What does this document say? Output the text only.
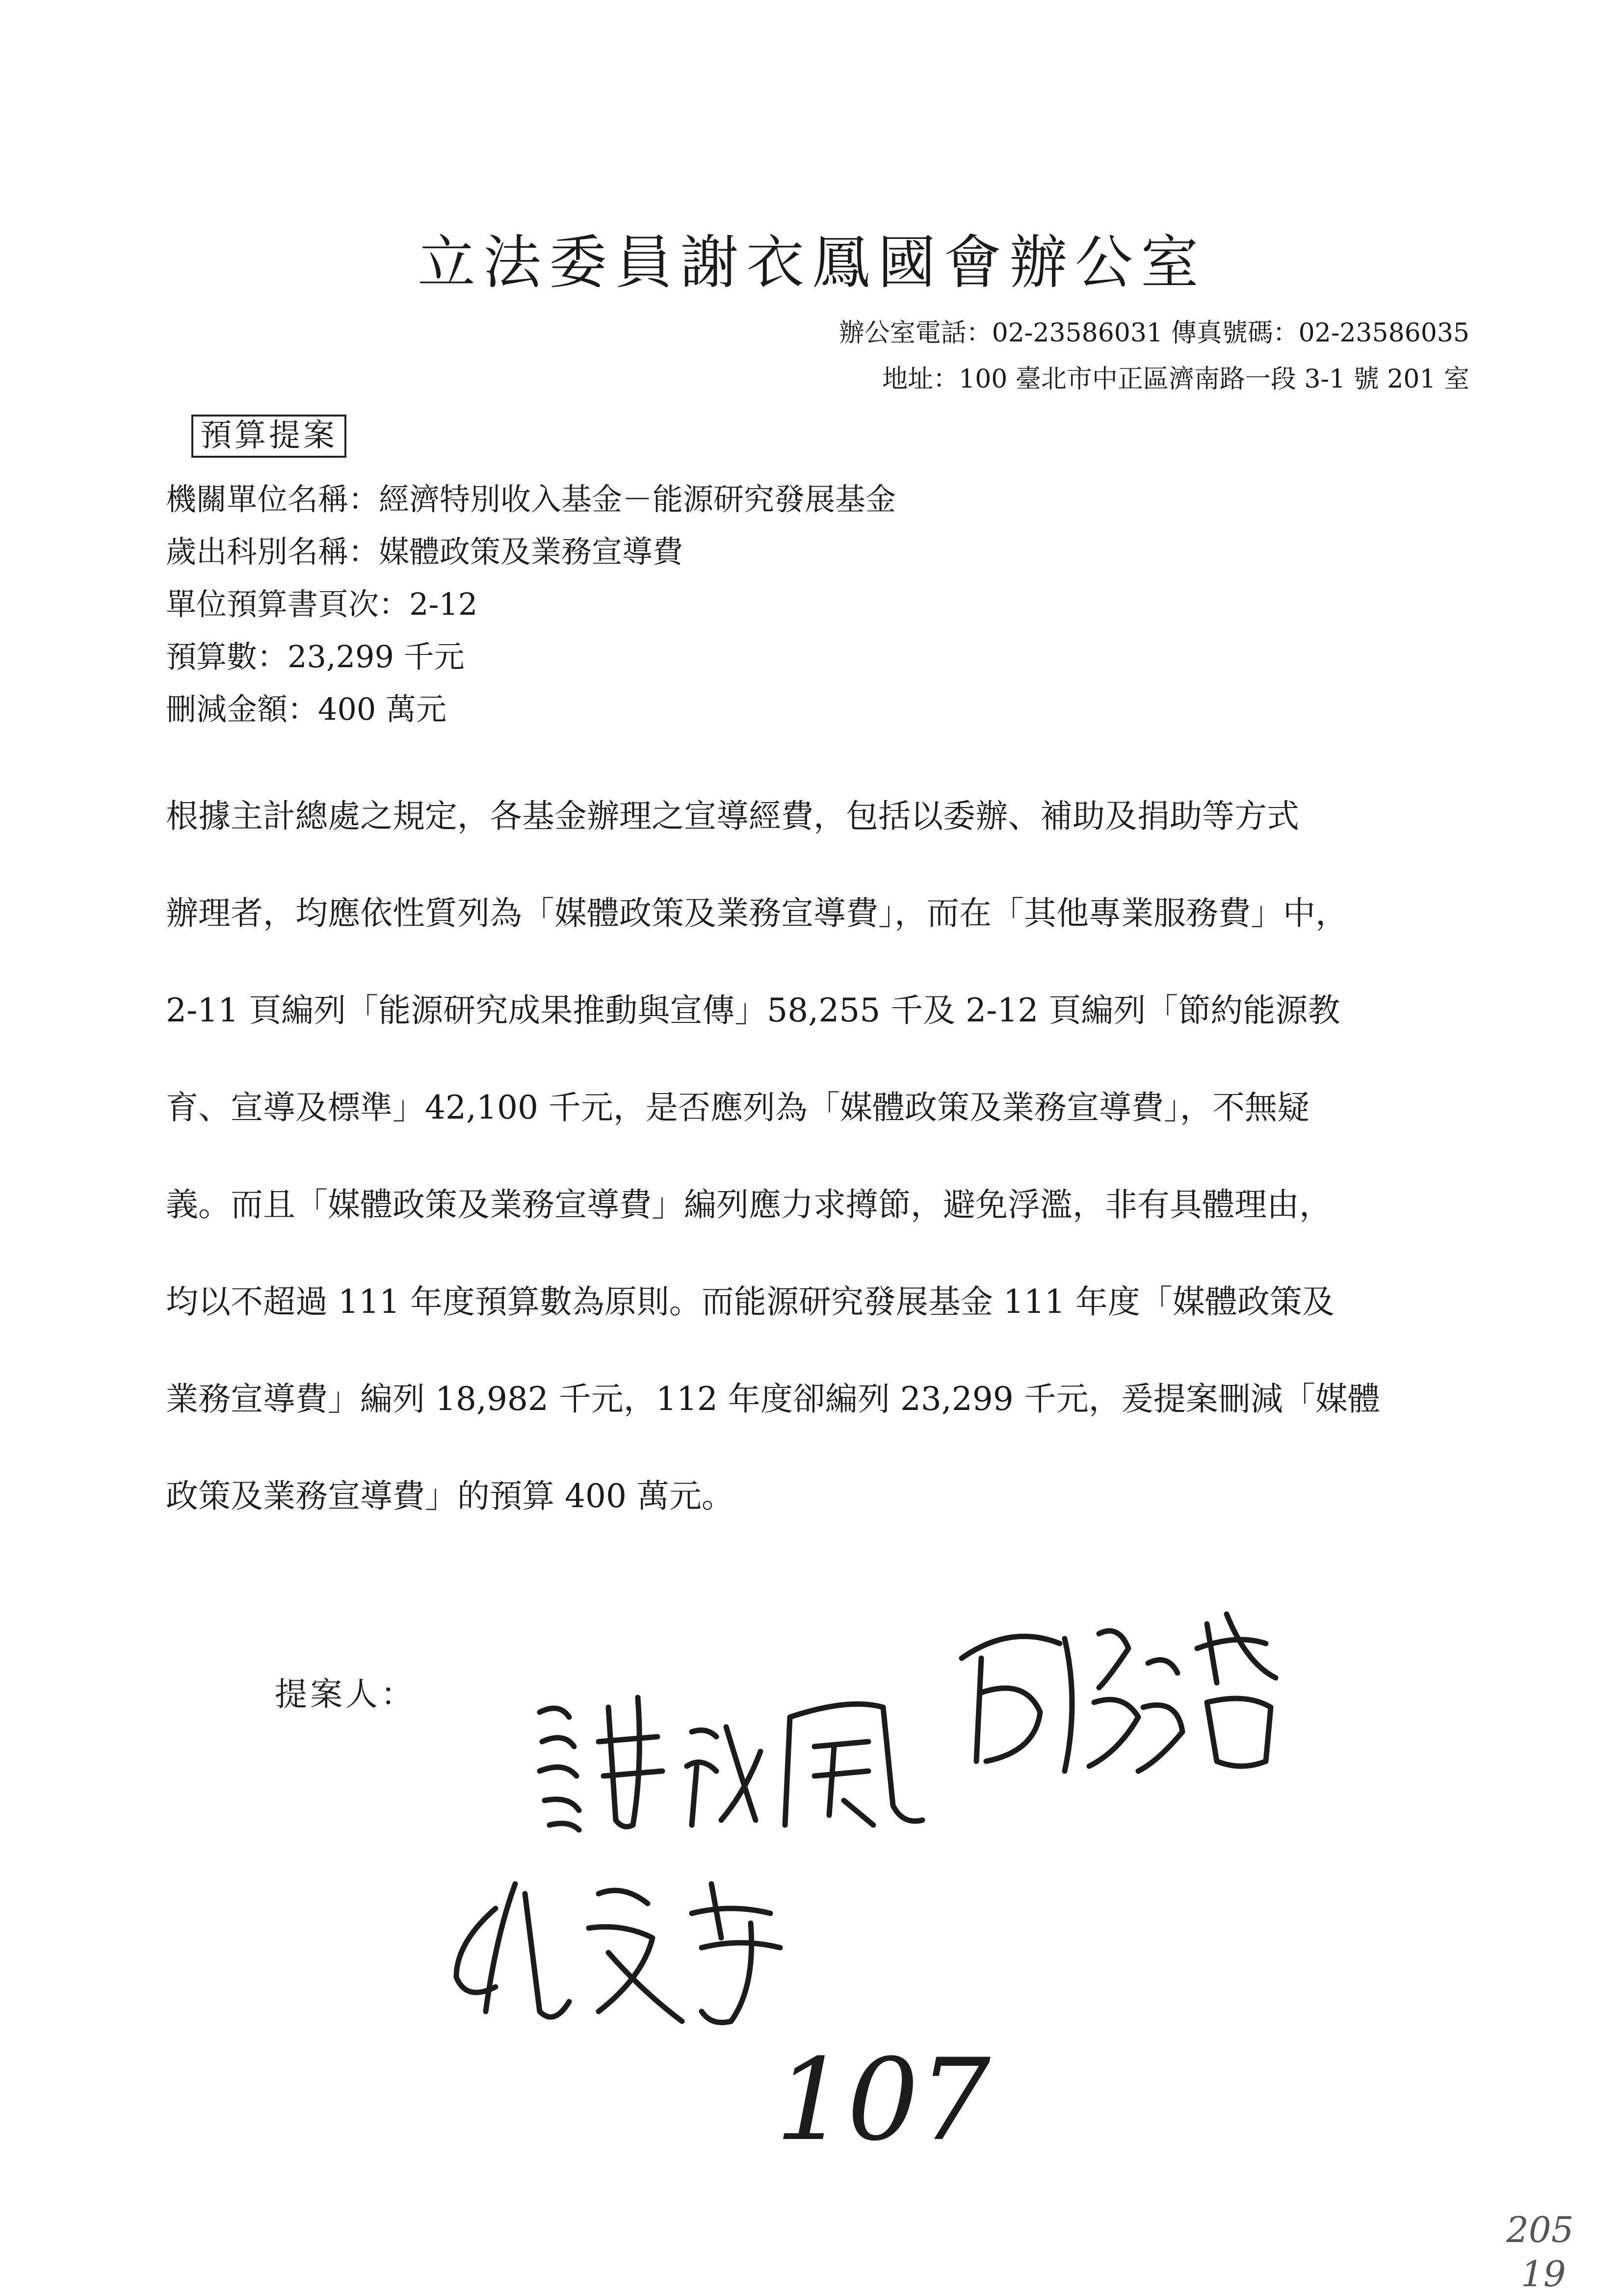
立法委員謝衣鳳國會辦公室
辦公室電話：02-23586031 傳真號碼：02-23586035
地址：100 臺北市中正區濟南路一段 3-1 號 201 室
預算提案
機關單位名稱：經濟特別收入基金－能源研究發展基金
歲出科別名稱：媒體政策及業務宣導費
單位預算書頁次：2-12
預算數：23,299 千元
刪減金額：400 萬元
根據主計總處之規定，各基金辦理之宣導經費，包括以委辦、補助及捐助等方式
辦理者，均應依性質列為「媒體政策及業務宣導費」，而在「其他專業服務費」中，
2-11 頁編列「能源研究成果推動與宣傳」58,255 千及 2-12 頁編列「節約能源教
育、宣導及標準」42,100 千元，是否應列為「媒體政策及業務宣導費」，不無疑
義。而且「媒體政策及業務宣導費」編列應力求撙節，避免浮濫，非有具體理由，
均以不超過 111 年度預算數為原則。而能源研究發展基金 111 年度「媒體政策及
業務宣導費」編列 18,982 千元，112 年度卻編列 23,299 千元，爰提案刪減「媒體
政策及業務宣導費」的預算 400 萬元。
提案人：
107
205
19
